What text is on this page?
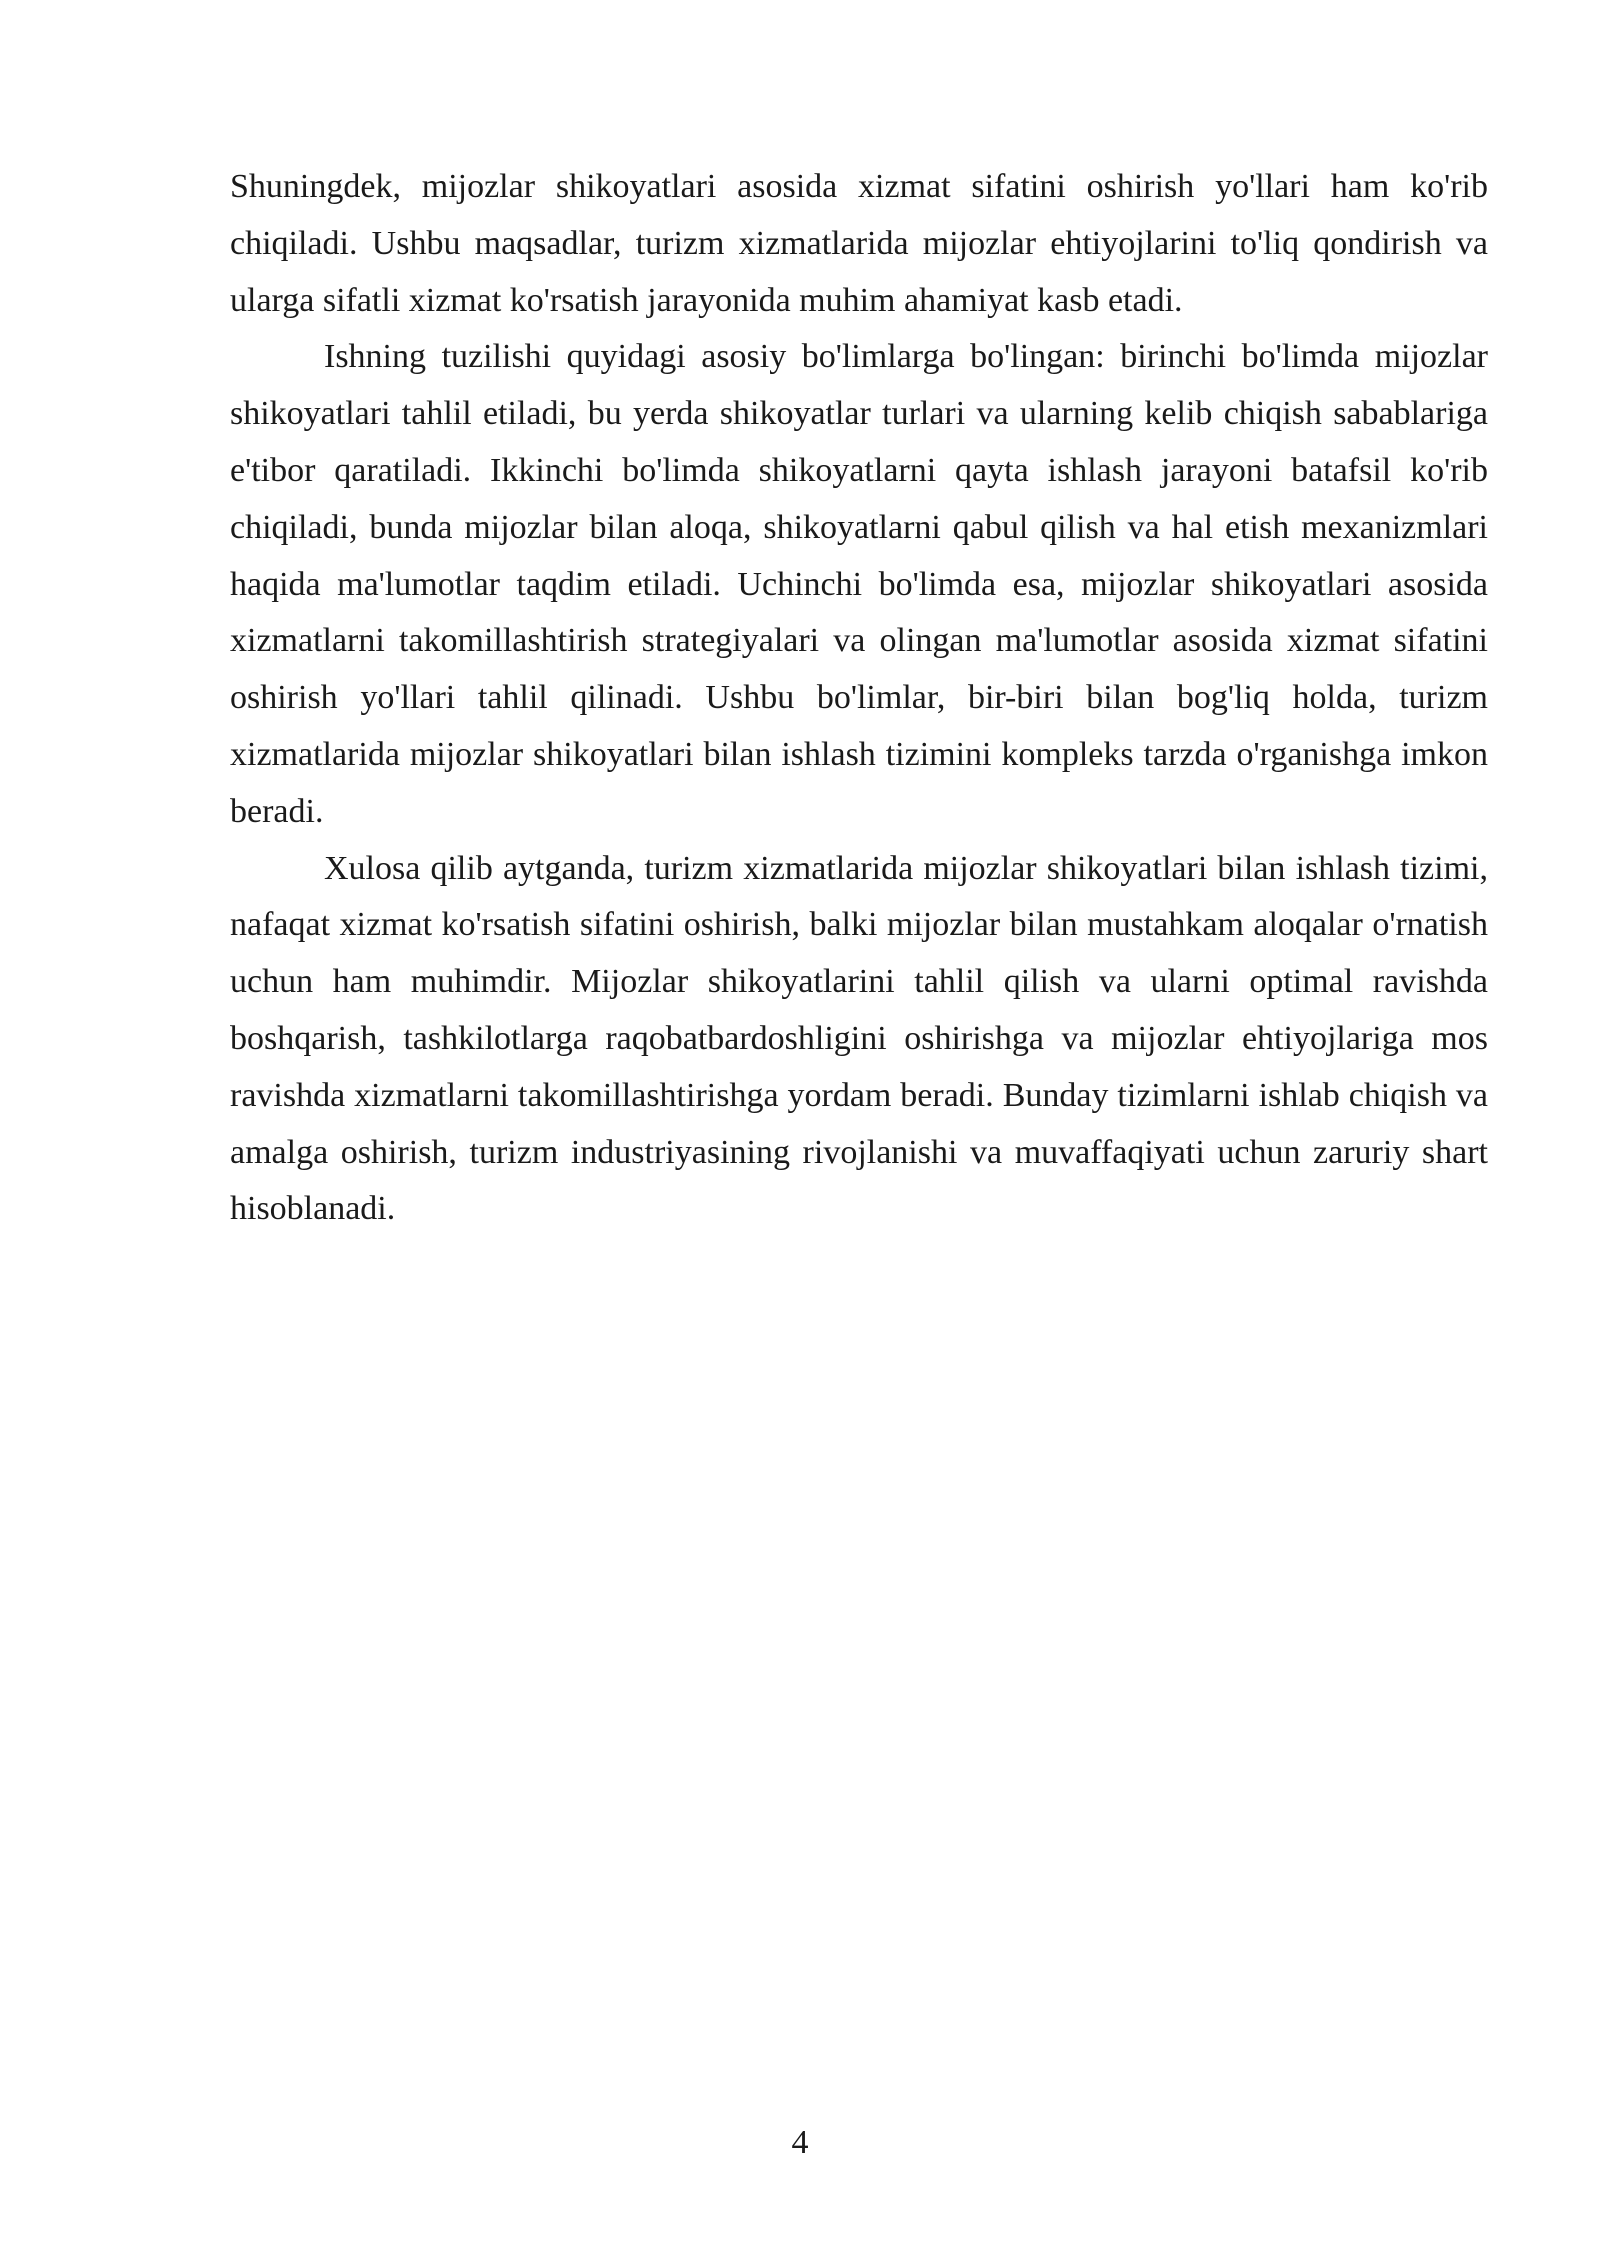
Shuningdek, mijozlar shikoyatlari asosida xizmat sifatini oshirish yo'llari ham ko'rib chiqiladi. Ushbu maqsadlar, turizm xizmatlarida mijozlar ehtiyojlarini to'liq qondirish va ularga sifatli xizmat ko'rsatish jarayonida muhim ahamiyat kasb etadi.

Ishning tuzilishi quyidagi asosiy bo'limlarga bo'lingan: birinchi bo'limda mijozlar shikoyatlari tahlil etiladi, bu yerda shikoyatlar turlari va ularning kelib chiqish sabablariga e'tibor qaratiladi. Ikkinchi bo'limda shikoyatlarni qayta ishlash jarayoni batafsil ko'rib chiqiladi, bunda mijozlar bilan aloqa, shikoyatlarni qabul qilish va hal etish mexanizmlari haqida ma'lumotlar taqdim etiladi. Uchinchi bo'limda esa, mijozlar shikoyatlari asosida xizmatlarni takomillashtirish strategiyalari va olingan ma'lumotlar asosida xizmat sifatini oshirish yo'llari tahlil qilinadi. Ushbu bo'limlar, bir-biri bilan bog'liq holda, turizm xizmatlarida mijozlar shikoyatlari bilan ishlash tizimini kompleks tarzda o'rganishga imkon beradi.

Xulosa qilib aytganda, turizm xizmatlarida mijozlar shikoyatlari bilan ishlash tizimi, nafaqat xizmat ko'rsatish sifatini oshirish, balki mijozlar bilan mustahkam aloqalar o'rnatish uchun ham muhimdir. Mijozlar shikoyatlarini tahlil qilish va ularni optimal ravishda boshqarish, tashkilotlarga raqobatbardoshligini oshirishga va mijozlar ehtiyojlariga mos ravishda xizmatlarni takomillashtirishga yordam beradi. Bunday tizimlarni ishlab chiqish va amalga oshirish, turizm industriyasining rivojlanishi va muvaffaqiyati uchun zaruriy shart hisoblanadi.

4
